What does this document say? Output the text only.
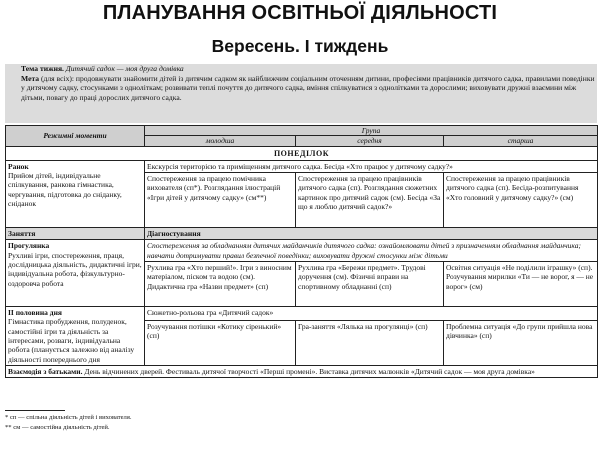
ПЛАНУВАННЯ ОСВІТНЬОЇ ДІЯЛЬНОСТІ
Вересень. І тиждень
Тема тижня. Дитячий садок — моя друга домівка
Мета (для всіх): продовжувати знайомити дітей із дитячим садком як найближчим соціальним оточенням дитини, професіями працівників дитячого садка, правилами поведінки у дитячому садку, стосунками з одноліткам; розвивати теплі почуття до дитячого садка, вміння спілкуватися з однолітками та дорослими; виховувати дружні взаємини між дітьми, повагу до праці дорослих дитячого садка.
Режимні моменти	Група		
	молодша	середня	старша
ПОНЕДІЛОК			

Ранок
Прийом дітей, індивідуальне спілкування, ранкова гімнастика, чергування, підготовка до сніданку, сніданок	Екскурсія територією та приміщенням дитячого садка. Бесіда «Хто працює у дитячому садку?»		
	Спостереження за працею помічника вихователя (сп*). Розглядання ілюстрацій «Ігри дітей у дитячому садку» (см**)	Спостереження за працею працівників дитячого садка (сп). Розглядання сюжетних картинок про дитячий садок (см). Бесіда «За що я люблю дитячий садок?»	Спостереження за працею працівників дитячого садка (сп). Бесіда-розпитування «Хто головний у дитячому садку?» (см)
Заняття	Діагностування		

Прогулянка
Рухливі ігри, спостереження, праця, дослідницька діяльність, дидактичні ігри, індивідуальна робота, фізкультурно-оздоровча робота	Спостереження за обладнанням дитячих майданчиків дитячого садка: ознайомлювати дітей з призначенням обладнання майданчика; навчати дотримувати правил безпечної поведінки; виховувати дружні стосунки між дітьми		
	Рухлива гра «Хто перший!». Ігри з виносним матеріалом, піском та водою (см). Дидактична гра «Назви предмет» (сп)	Рухлива гра «Бережи предмет». Трудові доручення (см). Фізичні вправи на спортивному обладнанні (сп)	Освітня ситуація «Не поділили іграшку» (сп). Розучування мирилки «Ти — не ворог, я — не ворог» (см)

ІІ половина дня
Гімнастика пробудження, полуденок, самостійні ігри та діяльність за інтересами, розваги, індивідуальна робота (планується залежно від аналізу діяльності попереднього дня	Сюжетно-рольова гра «Дитячий садок»		
	Розучування потішки «Котику сіренький» (сп)	Гра-заняття «Лялька на прогулянці» (сп)	Проблемна ситуація «До групи прийшла нова дівчинка» (сп)
Взаємодія з батьками. День відчинених дверей. Фестиваль дитячої творчості «Перші промені». Виставка дитячих малюнків «Дитячий садок — моя друга домівка»			
* сп — спільна діяльність дітей і вихователя.
** см — самостійна діяльність дітей.
